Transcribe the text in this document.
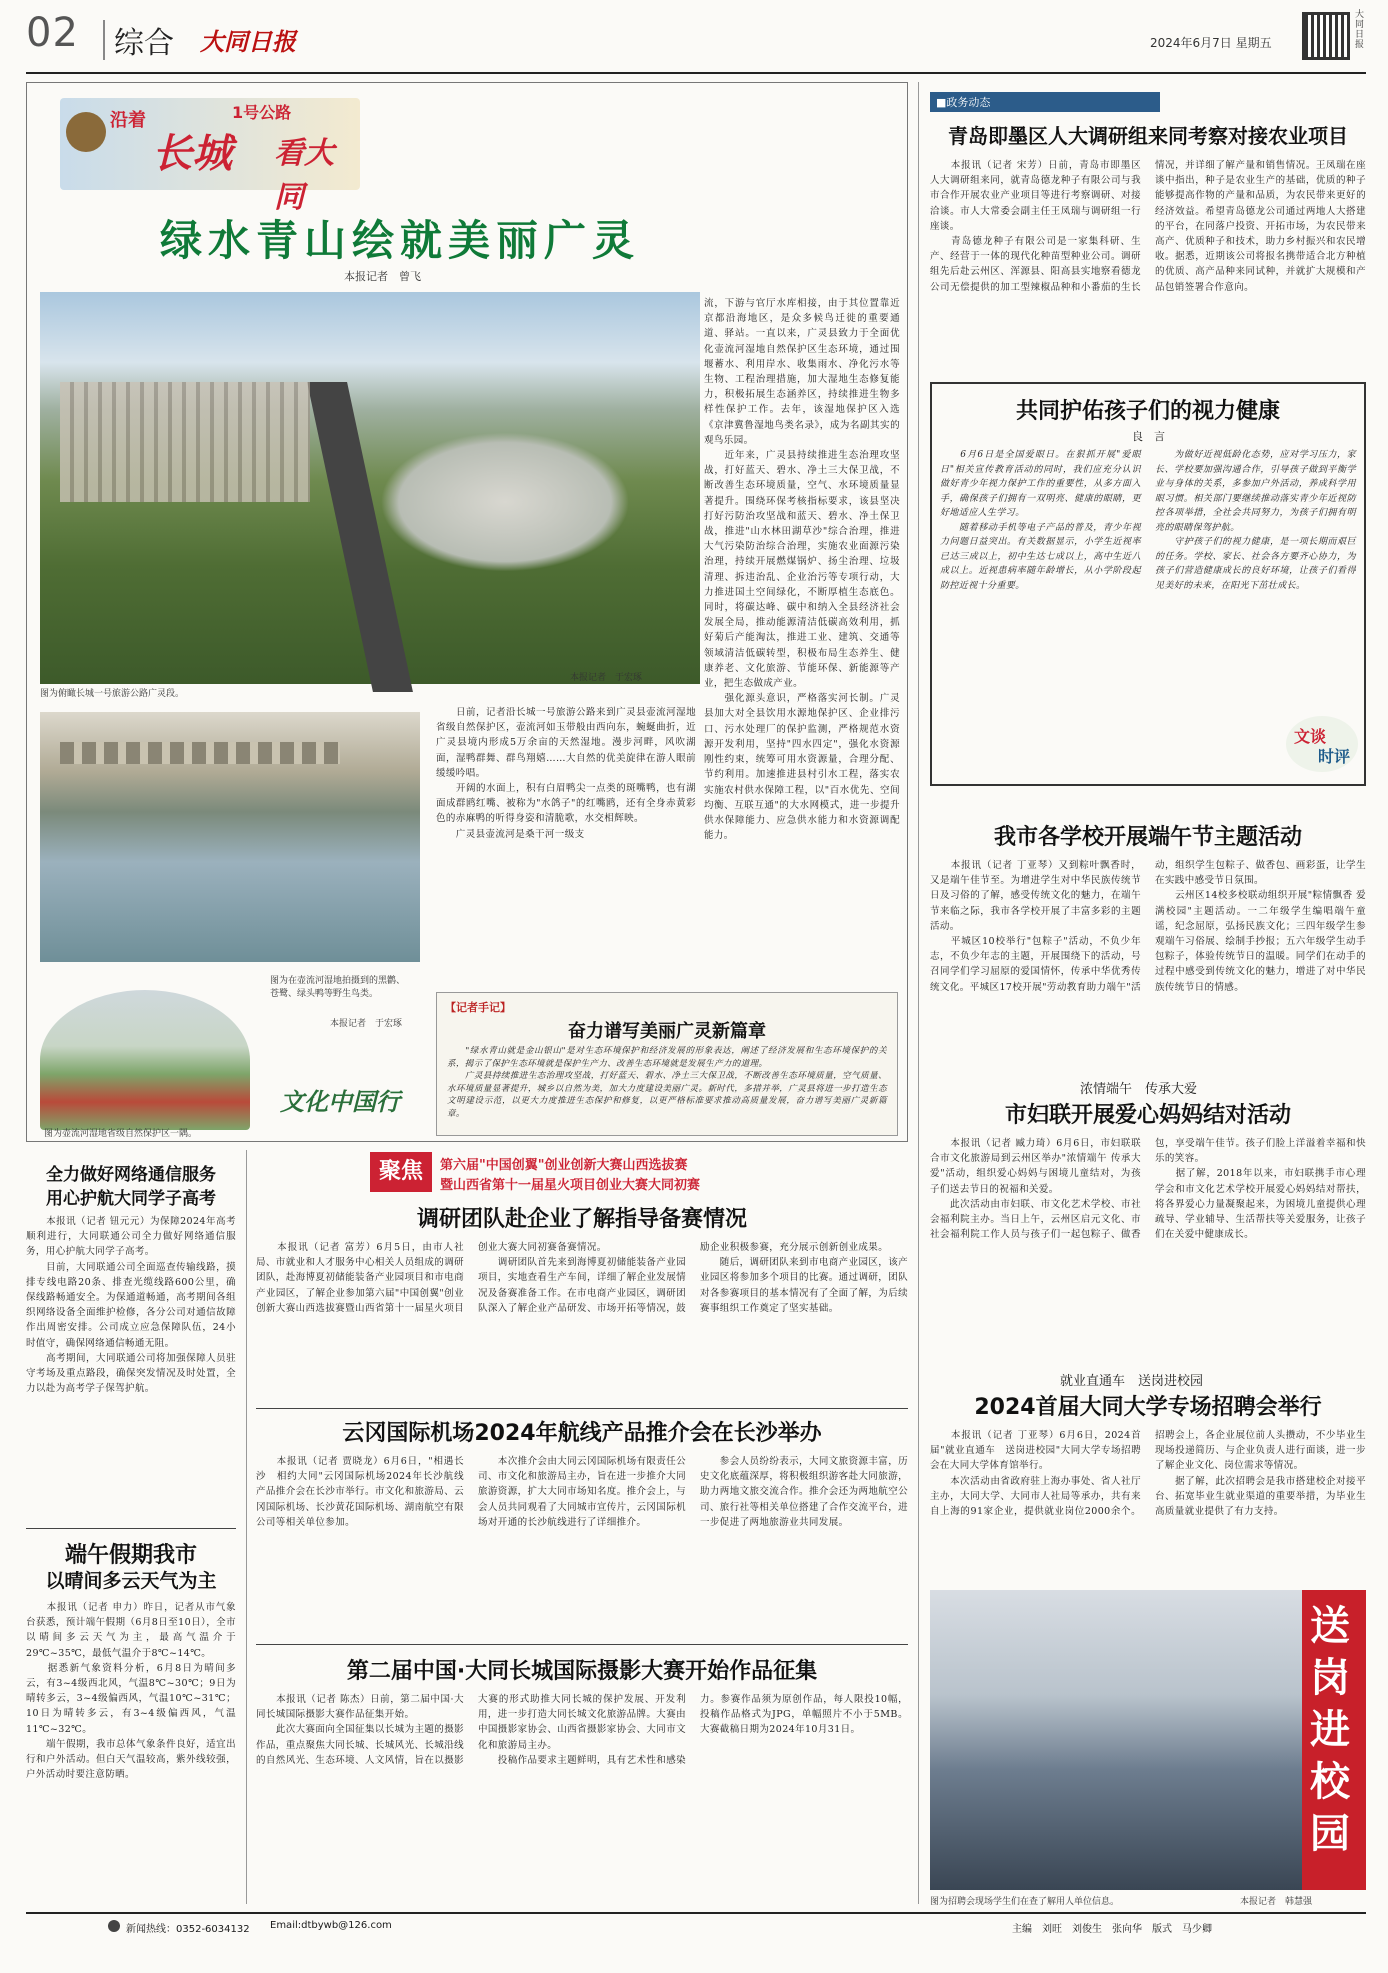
02 综合 大同日报	2024年6月7日 星期五
大同日报
沿着
长城
1号公路
看大同
绿水青山绘就美丽广灵
本报记者　曾飞
图为俯瞰长城一号旅游公路广灵段。
本报记者　于宏琢
图为在壶流河湿地拍摄到的黑鹳、苍鹭、绿头鸭等野生鸟类。
本报记者　于宏琢
文化中国行
图为壶流河湿地省级自然保护区一隅。
　　日前，记者沿长城一号旅游公路来到广灵县壶流河湿地省级自然保护区，壶流河如玉带般由西向东，蜿蜒曲折，近广灵县境内形成5万余亩的天然湿地。漫步河畔，风吹湖面，湿鸭群舞、群鸟翔嬉……大自然的优美旋律在游人眼前缓缓吟唱。
　　开阔的水面上，积有白眉鸭尖一点类的斑嘴鸭，也有湖面成群鸥红嘴、被称为"水鸽子"的红嘴鸥，还有全身赤黄彩色的赤麻鸭的听得身姿和清脆歌，水交相辉映。
　　广灵县壶流河是桑干河一级支
流，下游与官厅水库相接，由于其位置靠近京都沿海地区，是众多候鸟迁徙的重要通道、驿站。一直以来，广灵县致力于全面优化壶流河湿地自然保护区生态环境，通过围堰蓄水、利用岸水、收集雨水、净化污水等生物、工程治理措施，加大湿地生态修复能力，积极拓展生态涵养区，持续推进生物多样性保护工作。去年，该湿地保护区入选《京津冀鲁湿地鸟类名录》，成为名副其实的观鸟乐园。
　　近年来，广灵县持续推进生态治理攻坚战，打好蓝天、碧水、净土三大保卫战，不断改善生态环境质量，空气、水环境质量显著提升。围绕环保考核指标要求，该县坚决打好污防治攻坚战和蓝天、碧水、净土保卫战，推进"山水林田湖草沙"综合治理，推进大气污染防治综合治理，实施农业面源污染治理，持续开展燃煤锅炉、扬尘治理、垃圾清理、拆违治乱、企业治污等专项行动，大力推进国土空间绿化，不断厚植生态底色。同时，将碳达峰、碳中和纳入全县经济社会发展全局，推动能源清洁低碳高效利用，抓好菊后产能淘汰，推进工业、建筑、交通等领域清洁低碳转型，积极布局生态养生、健康养老、文化旅游、节能环保、新能源等产业，把生态做成产业。
　　强化源头意识，严格落实河长制。广灵县加大对全县饮用水源地保护区、企业排污口、污水处理厂的保护监测，严格规范水资源开发利用，坚持"四水四定"，强化水资源刚性约束，统筹可用水资源量，合理分配、节约利用。加速推进县村引水工程，落实农实施农村供水保障工程，以"百水优先、空间均衡、互联互通"的大水网模式，进一步提升供水保障能力、应急供水能力和水资源调配能力。
【记者手记】
奋力谱写美丽广灵新篇章
　　"绿水青山就是金山银山"是对生态环境保护和经济发展的形象表达，阐述了经济发展和生态环境保护的关系，揭示了保护生态环境就是保护生产力、改善生态环境就是发展生产力的道理。
　　广灵县持续推进生态治理攻坚战，打好蓝天、碧水、净土三大保卫战，不断改善生态环境质量，空气质量、水环境质量显著提升，城乡以自然为美，加大力度建设美丽广灵。新时代，多措并举，广灵县将进一步打造生态文明建设示范，以更大力度推进生态保护和修复，以更严格标准要求推动高质量发展，奋力谱写美丽广灵新篇章。
■政务动态
青岛即墨区人大调研组来同考察对接农业项目
　　本报讯（记者 宋芳）日前，青岛市即墨区人大调研组来同，就青岛德龙种子有限公司与我市合作开展农业产业项目等进行考察调研、对接洽谈。市人大常委会副主任王凤瑞与调研组一行座谈。
　　青岛德龙种子有限公司是一家集科研、生产、经营于一体的现代化种苗型种业公司。调研组先后赴云州区、浑源县、阳高县实地察看德龙公司无偿提供的加工型辣椒品种和小番茄的生长情况，并详细了解产量和销售情况。王凤瑞在座谈中指出，种子是农业生产的基础，优质的种子能够提高作物的产量和品质，为农民带来更好的经济效益。希望青岛德龙公司通过两地人大搭建的平台，在同落户投资、开拓市场，为农民带来高产、优质种子和技术，助力乡村振兴和农民增收。据悉，近期该公司将报名携带适合北方种植的优质、高产品种来同试种，并就扩大规模和产品包销签署合作意向。
共同护佑孩子们的视力健康
良　言
　　6月6日是全国爱眼日。在狠抓开展"爱眼日"相关宣传教育活动的同时，我们应充分认识做好青少年视力保护工作的重要性，从多方面入手，确保孩子们拥有一双明亮、健康的眼睛，更好地适应人生学习。
　　随着移动手机等电子产品的普及，青少年视力问题日益突出。有关数据显示，小学生近视率已达三成以上，初中生达七成以上，高中生近八成以上。近视患病率随年龄增长，从小学阶段起防控近视十分重要。
　　为做好近视低龄化态势，应对学习压力，家长、学校要加强沟通合作，引导孩子做到平衡学业与身体的关系，多参加户外活动，养成科学用眼习惯。相关部门要继续推动落实青少年近视防控各项举措，全社会共同努力，为孩子们拥有明亮的眼睛保驾护航。
　　守护孩子们的视力健康，是一项长期而艰巨的任务。学校、家长、社会各方要齐心协力，为孩子们营造健康成长的良好环境，让孩子们看得见美好的未来，在阳光下茁壮成长。
文谈
时评
我市各学校开展端午节主题活动
　　本报讯（记者 丁亚琴）又到粽叶飘香时，又是端午佳节至。为增进学生对中华民族传统节日及习俗的了解，感受传统文化的魅力，在端午节来临之际，我市各学校开展了丰富多彩的主题活动。
　　平城区10校举行"包粽子"活动，不负少年志，不负少年志的主题，开展围绕下的活动，号召同学们学习屈原的爱国情怀，传承中华优秀传统文化。平城区17校开展"劳动教育助力端午"活动，组织学生包粽子、做香包、画彩蛋，让学生在实践中感受节日氛围。
　　云州区14校多校联动组织开展"粽情飘香 爱满校园"主题活动。一二年级学生编唱端午童谣，纪念屈原，弘扬民族文化；三四年级学生参观端午习俗展、绘制手抄报；五六年级学生动手包粽子，体验传统节日的温暖。同学们在动手的过程中感受到传统文化的魅力，增进了对中华民族传统节日的情感。
浓情端午　传承大爱
市妇联开展爱心妈妈结对活动
　　本报讯（记者 臧力琦）6月6日，市妇联联合市文化旅游局到云州区举办"浓情端午 传承大爱"活动，组织爱心妈妈与困境儿童结对，为孩子们送去节日的祝福和关爱。
　　此次活动由市妇联、市文化艺术学校、市社会福利院主办。当日上午，云州区启元文化、市社会福利院工作人员与孩子们一起包粽子、做香包，享受端午佳节。孩子们脸上洋溢着幸福和快乐的笑容。
　　据了解，2018年以来，市妇联携手市心理学会和市文化艺术学校开展爱心妈妈结对帮扶，将各界爱心力量凝聚起来，为困境儿童提供心理疏导、学业辅导、生活帮扶等关爱服务，让孩子们在关爱中健康成长。
就业直通车　送岗进校园
2024首届大同大学专场招聘会举行
　　本报讯（记者 丁亚琴）6月6日，2024首届"就业直通车　送岗进校园"大同大学专场招聘会在大同大学体育馆举行。
　　本次活动由省政府驻上海办事处、省人社厅主办，大同大学、大同市人社局等承办，共有来自上海的91家企业，提供就业岗位2000余个。招聘会上，各企业展位前人头攒动，不少毕业生现场投递简历、与企业负责人进行面谈，进一步了解企业文化、岗位需求等情况。
　　据了解，此次招聘会是我市搭建校企对接平台、拓宽毕业生就业渠道的重要举措，为毕业生高质量就业提供了有力支持。
送岗进校园
图为招聘会现场学生们在查了解用人单位信息。	本报记者　韩慧强
全力做好网络通信服务
用心护航大同学子高考
　　本报讯（记者 钮元元）为保障2024年高考顺利进行，大同联通公司全力做好网络通信服务，用心护航大同学子高考。
　　目前，大同联通公司全面巡查传输线路，摸排专线电路20条、排查光缆线路600公里，确保线路畅通安全。为保通道畅通，高考期间各组织网络设备全面维护检修，各分公司对通信故障作出周密安排。公司成立应急保障队伍，24小时值守，确保网络通信畅通无阻。
　　高考期间，大同联通公司将加强保障人员驻守考场及重点路段，确保突发情况及时处置，全力以赴为高考学子保驾护航。
端午假期我市
以晴间多云天气为主
　　本报讯（记者 申力）昨日，记者从市气象台获悉，预计端午假期（6月8日至10日），全市以晴间多云天气为主，最高气温介于29℃~35℃，最低气温介于8℃~14℃。
　　据悉新气象资料分析，6月8日为晴间多云，有3~4级西北风，气温8℃~30℃；9日为晴转多云，3~4级偏西风，气温10℃~31℃；10日为晴转多云，有3~4级偏西风，气温11℃~32℃。
　　端午假期，我市总体气象条件良好，适宜出行和户外活动。但白天气温较高，紫外线较强，户外活动时要注意防晒。
聚焦	第六届"中国创翼"创业创新大赛山西选拔赛
暨山西省第十一届星火项目创业大赛大同初赛
调研团队赴企业了解指导备赛情况
　　本报讯（记者 富芳）6月5日，由市人社局、市就业和人才服务中心相关人员组成的调研团队，赴海博夏初储能装备产业园项目和市电商产业园区，了解企业参加第六届"中国创翼"创业创新大赛山西选拔赛暨山西省第十一届星火项目创业大赛大同初赛备赛情况。
　　调研团队首先来到海博夏初储能装备产业园项目，实地查看生产车间，详细了解企业发展情况及备赛准备工作。在市电商产业园区，调研团队深入了解企业产品研发、市场开拓等情况，鼓励企业积极参赛，充分展示创新创业成果。
　　随后，调研团队来到市电商产业园区，该产业园区将参加多个项目的比赛。通过调研，团队对各参赛项目的基本情况有了全面了解，为后续赛事组织工作奠定了坚实基础。
云冈国际机场2024年航线产品推介会在长沙举办
　　本报讯（记者 贾晓龙）6月6日，"相遇长沙　相约大同"云冈国际机场2024年长沙航线产品推介会在长沙市举行。市文化和旅游局、云冈国际机场、长沙黄花国际机场、湖南航空有限公司等相关单位参加。
　　本次推介会由大同云冈国际机场有限责任公司、市文化和旅游局主办，旨在进一步推介大同旅游资源，扩大大同市场知名度。推介会上，与会人员共同观看了大同城市宣传片，云冈国际机场对开通的长沙航线进行了详细推介。
　　参会人员纷纷表示，大同文旅资源丰富，历史文化底蕴深厚，将积极组织游客赴大同旅游，助力两地文旅交流合作。推介会还为两地航空公司、旅行社等相关单位搭建了合作交流平台，进一步促进了两地旅游业共同发展。
第二届中国·大同长城国际摄影大赛开始作品征集
　　本报讯（记者 陈杰）日前，第二届中国·大同长城国际摄影大赛作品征集开始。
　　此次大赛面向全国征集以长城为主题的摄影作品，重点聚焦大同长城、长城风光、长城沿线的自然风光、生态环境、人文风情，旨在以摄影大赛的形式助推大同长城的保护发展、开发利用，进一步打造大同长城文化旅游品牌。大赛由中国摄影家协会、山西省摄影家协会、大同市文化和旅游局主办。
　　投稿作品要求主题鲜明，具有艺术性和感染力。参赛作品须为原创作品，每人限投10幅，投稿作品格式为JPG，单幅照片不小于5MB。大赛截稿日期为2024年10月31日。
新闻热线：0352-6034132 Email:dtbywb@126.com	主编　刘旺　刘俊生　张向华　版式　马少卿
